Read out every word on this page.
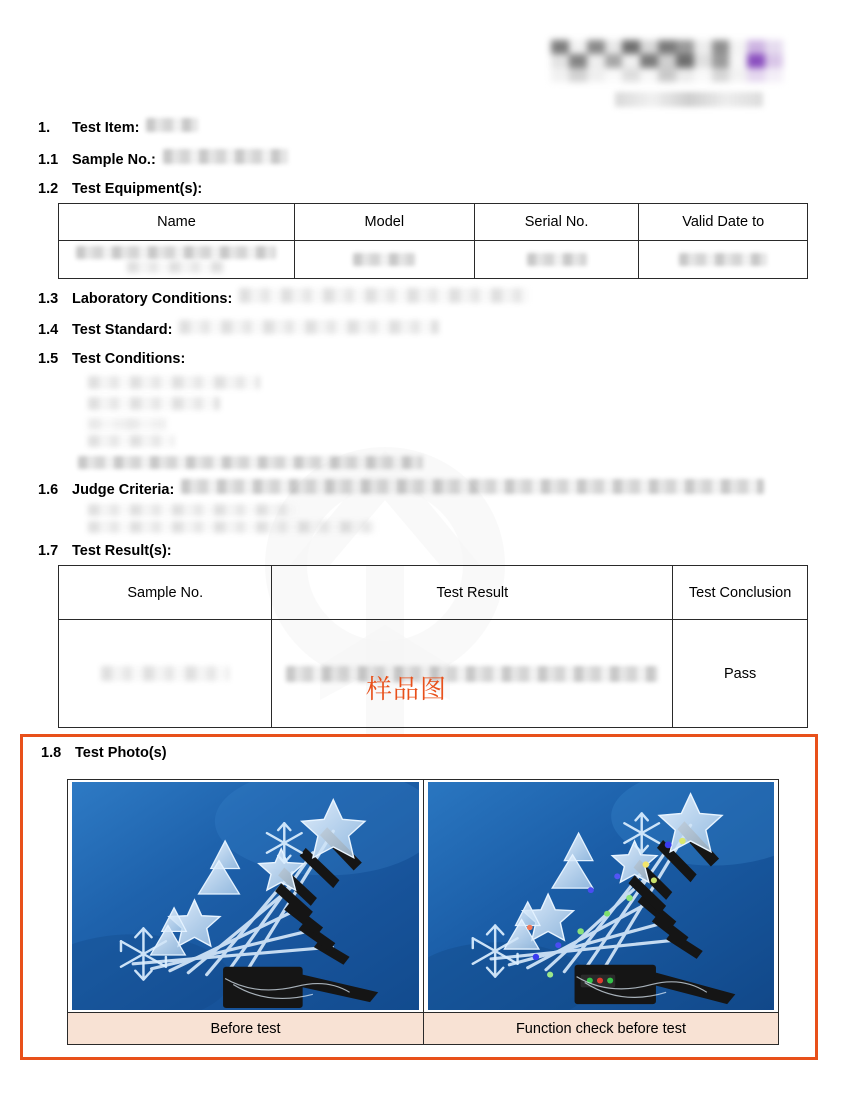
1.	Test Item:
1.1 Sample No.:
1.2 Test Equipment(s):
Name	Model	Serial No.	Valid Date to

1.3 Laboratory Conditions:
1.4 Test Standard:
1.5 Test Conditions:
1.6 Judge Criteria:
1.7 Test Result(s):
Sample No.	Test Result	Test Conclusion
		Pass
样品图
1.8 Test Photo(s)
Before test	Function check before test
